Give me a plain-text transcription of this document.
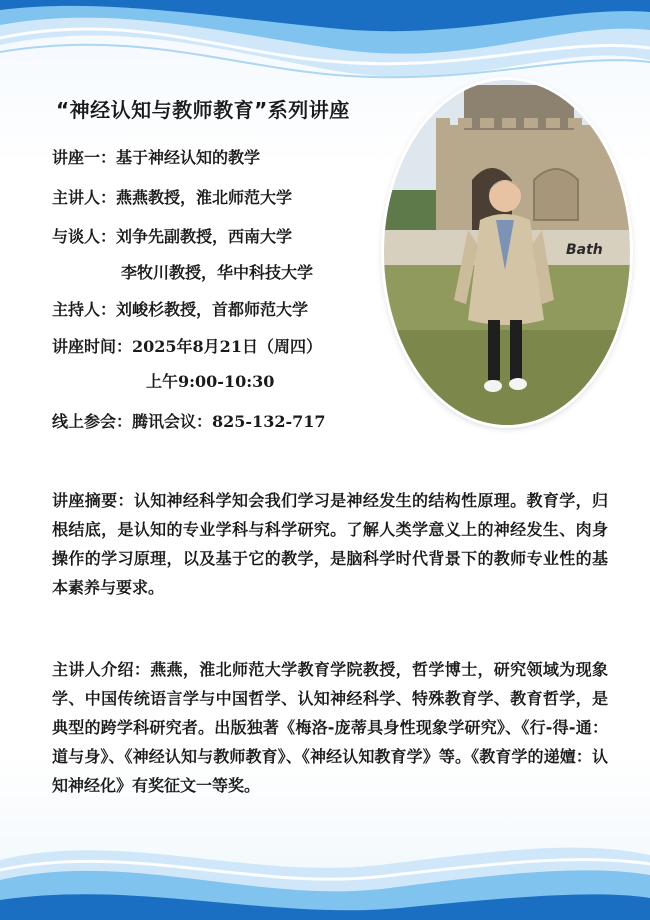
“神经认知与教师教育”系列讲座
讲座一：基于神经认知的教学
主讲人：燕燕教授，淮北师范大学
与谈人：刘争先副教授，西南大学
李牧川教授，华中科技大学
主持人：刘峻杉教授，首都师范大学
讲座时间：2025年8月21日（周四）
上午9:00-10:30
线上参会：腾讯会议：825-132-717
Bath
讲座摘要：认知神经科学知会我们学习是神经发生的结构性原理。教育学，归根结底，是认知的专业学科与科学研究。了解人类学意义上的神经发生、肉身操作的学习原理，以及基于它的教学，是脑科学时代背景下的教师专业性的基本素养与要求。
主讲人介绍：燕燕，淮北师范大学教育学院教授，哲学博士，研究领域为现象学、中国传统语言学与中国哲学、认知神经科学、特殊教育学、教育哲学，是典型的跨学科研究者。出版独著《梅洛-庞蒂具身性现象学研究》、《行-得-通：道与身》、《神经认知与教师教育》、《神经认知教育学》等。《教育学的递嬗：认知神经化》有奖征文一等奖。
